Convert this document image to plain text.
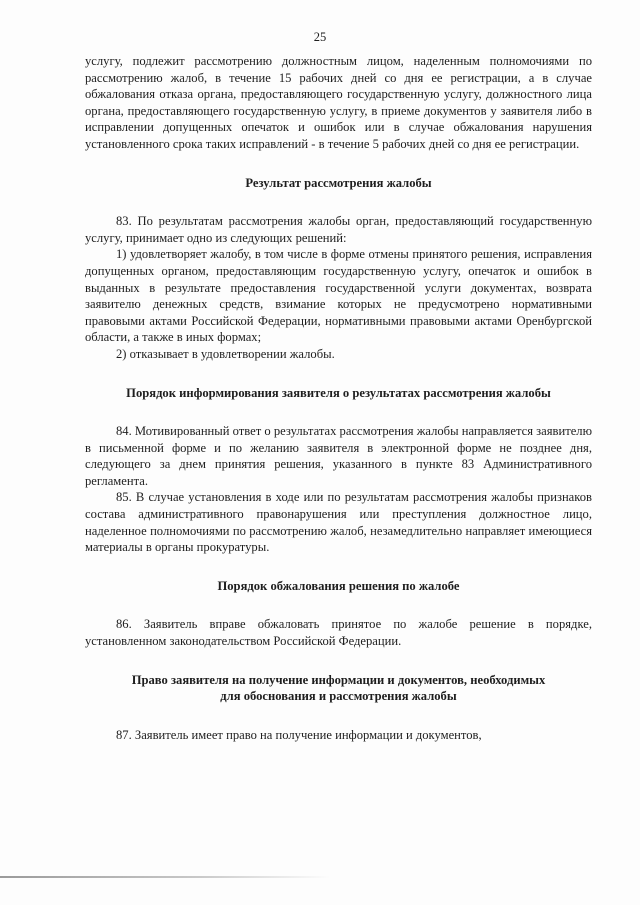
25

услугу, подлежит рассмотрению должностным лицом, наделенным полномочиями по рассмотрению жалоб, в течение 15 рабочих дней со дня ее регистрации, а в случае обжалования отказа органа, предоставляющего государственную услугу, должностного лица органа, предоставляющего государственную услугу, в приеме документов у заявителя либо в исправлении допущенных опечаток и ошибок или в случае обжалования нарушения установленного срока таких исправлений - в течение 5 рабочих дней со дня ее регистрации.

Результат рассмотрения жалобы

83. По результатам рассмотрения жалобы орган, предоставляющий государственную услугу, принимает одно из следующих решений:

1) удовлетворяет жалобу, в том числе в форме отмены принятого решения, исправления допущенных органом, предоставляющим государственную услугу, опечаток и ошибок в выданных в результате предоставления государственной услуги документах, возврата заявителю денежных средств, взимание которых не предусмотрено нормативными правовыми актами Российской Федерации, нормативными правовыми актами Оренбургской области, а также в иных формах;

2) отказывает в удовлетворении жалобы.

Порядок информирования заявителя о результатах рассмотрения жалобы

84. Мотивированный ответ о результатах рассмотрения жалобы направляется заявителю в письменной форме и по желанию заявителя в электронной форме не позднее дня, следующего за днем принятия решения, указанного в пункте 83 Административного регламента.

85. В случае установления в ходе или по результатам рассмотрения жалобы признаков состава административного правонарушения или преступления должностное лицо, наделенное полномочиями по рассмотрению жалоб, незамедлительно направляет имеющиеся материалы в органы прокуратуры.

Порядок обжалования решения по жалобе

86. Заявитель вправе обжаловать принятое по жалобе решение в порядке, установленном законодательством Российской Федерации.

Право заявителя на получение информации и документов, необходимых

для обоснования и рассмотрения жалобы

87. Заявитель имеет право на получение информации и документов,
